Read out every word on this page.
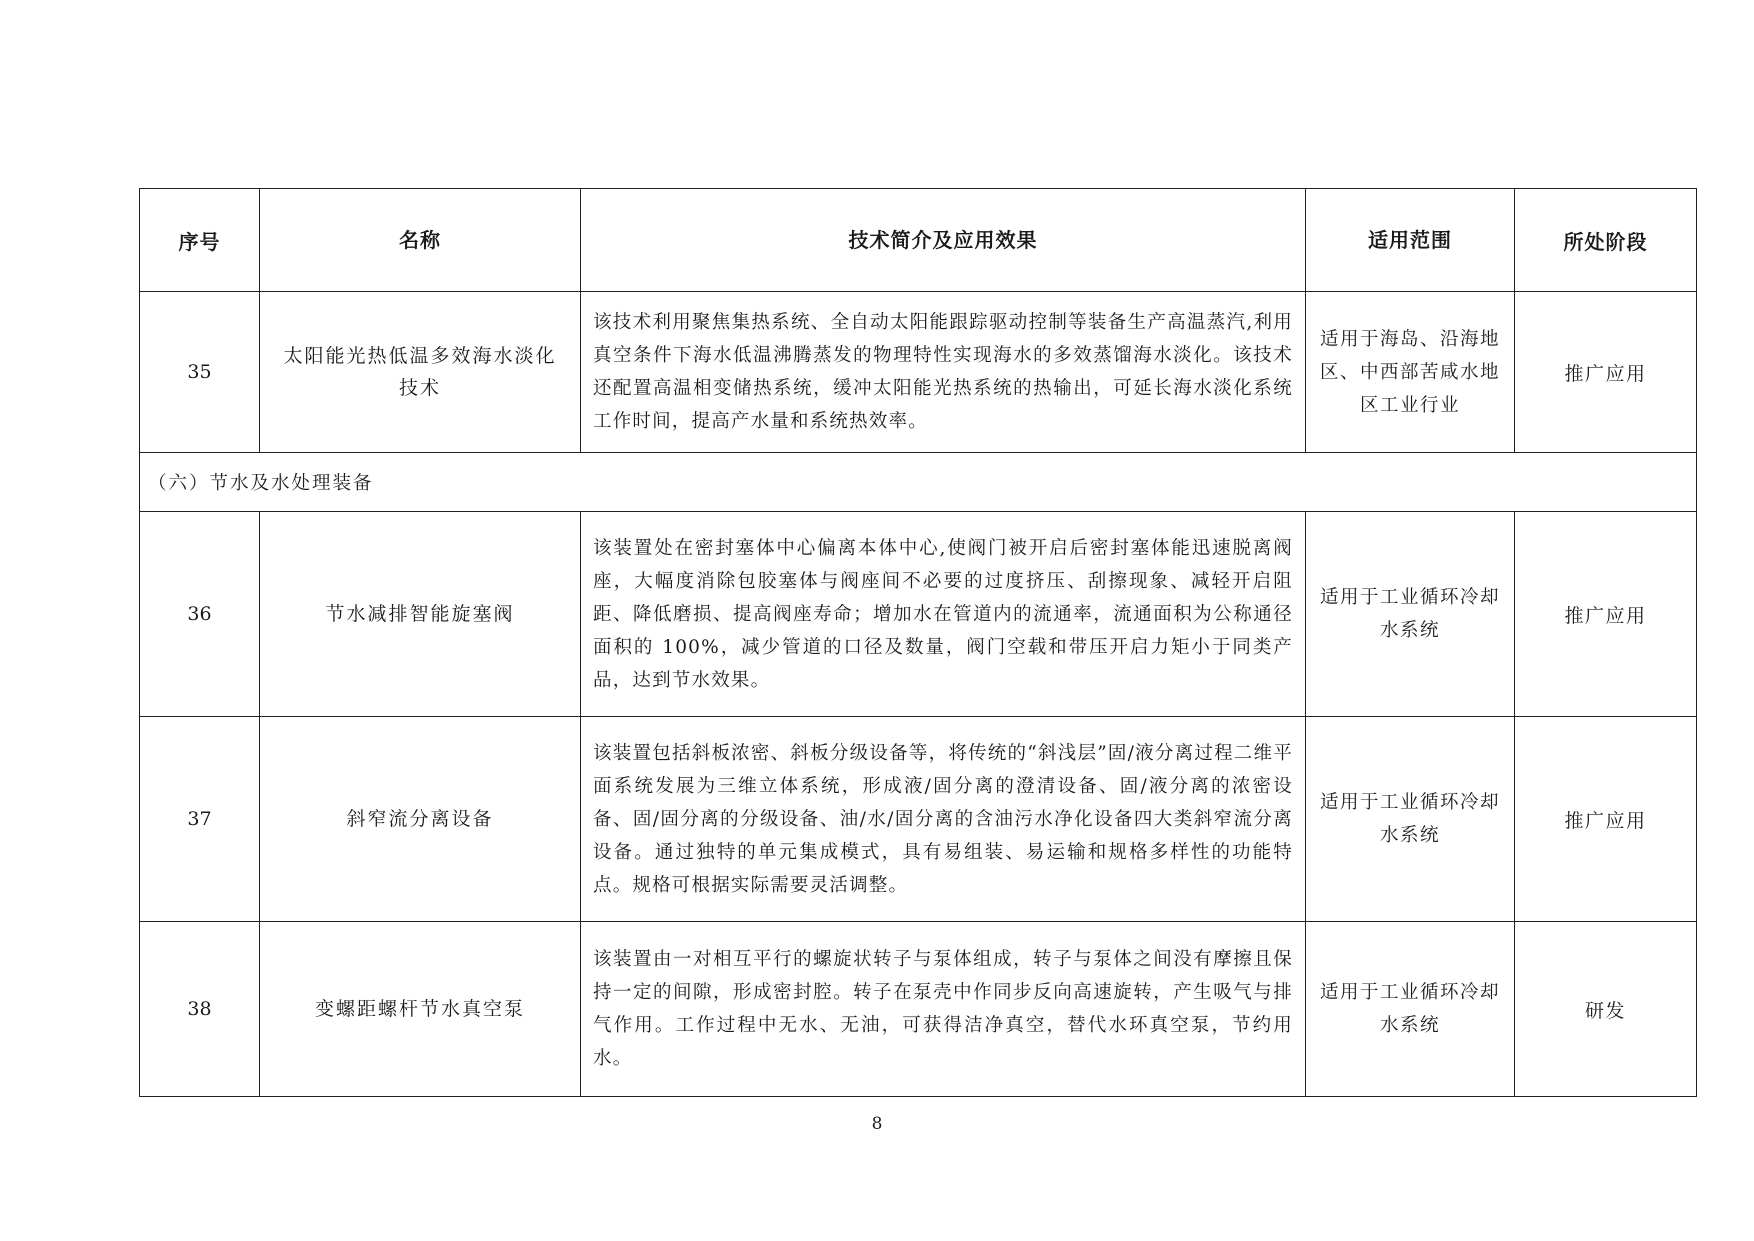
序号	名称	技术简介及应用效果	适用范围	所处阶段
35	太阳能光热低温多效海水淡化技术	该技术利用聚焦集热系统、全自动太阳能跟踪驱动控制等装备生产高温蒸汽,利用真空条件下海水低温沸腾蒸发的物理特性实现海水的多效蒸馏海水淡化。该技术还配置高温相变储热系统，缓冲太阳能光热系统的热输出，可延长海水淡化系统工作时间，提高产水量和系统热效率。	适用于海岛、沿海地区、中西部苦咸水地区工业行业	推广应用
（六）节水及水处理装备				
36	节水减排智能旋塞阀	该装置处在密封塞体中心偏离本体中心,使阀门被开启后密封塞体能迅速脱离阀座，大幅度消除包胶塞体与阀座间不必要的过度挤压、刮擦现象、减轻开启阻距、降低磨损、提高阀座寿命；增加水在管道内的流通率，流通面积为公称通径面积的 100%，减少管道的口径及数量，阀门空载和带压开启力矩小于同类产品，达到节水效果。	适用于工业循环冷却水系统	推广应用
37	斜窄流分离设备	该装置包括斜板浓密、斜板分级设备等，将传统的“斜浅层”固/液分离过程二维平面系统发展为三维立体系统，形成液/固分离的澄清设备、固/液分离的浓密设备、固/固分离的分级设备、油/水/固分离的含油污水净化设备四大类斜窄流分离设备。通过独特的单元集成模式，具有易组装、易运输和规格多样性的功能特点。规格可根据实际需要灵活调整。	适用于工业循环冷却水系统	推广应用
38	变螺距螺杆节水真空泵	该装置由一对相互平行的螺旋状转子与泵体组成，转子与泵体之间没有摩擦且保持一定的间隙，形成密封腔。转子在泵壳中作同步反向高速旋转，产生吸气与排气作用。工作过程中无水、无油，可获得洁净真空，替代水环真空泵，节约用水。	适用于工业循环冷却水系统	研发
8
